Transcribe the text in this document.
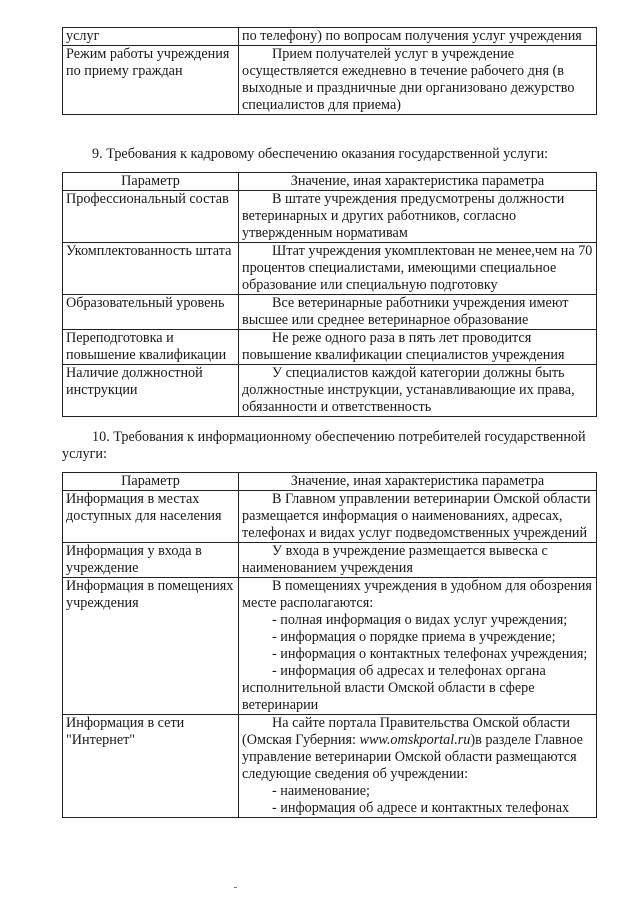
услуг	по телефону) по вопросам получения услуг учреждения
Режим работы учреждения по приему граждан	Прием получателей услуг в учреждение осуществляется ежедневно в течение рабочего дня (в выходные и праздничные дни организовано дежурство специалистов для приема)
9. Требования к кадровому обеспечению оказания государственной услуги:
Параметр	Значение, иная характеристика параметра
Профессиональный состав	В штате учреждения предусмотрены должности ветеринарных и других работников, согласно утвержденным нормативам

Укомплектованность штата	Штат учреждения укомплектован не менее,чем на 70 процентов специалистами, имеющими специальное образование или специальную подготовку

Образовательный уровень	Все ветеринарные работники учреждения имеют высшее или среднее ветеринарное образование

Переподготовка и повышение квалификации	Не реже одного раза в пять лет проводится повышение квалификации специалистов учреждения

Наличие должностной инструкции	У специалистов каждой категории должны быть должностные инструкции, устанавливающие их права, обязанности и ответственность
10. Требования к информационному обеспечению потребителей государственной услуги:
Параметр	Значение, иная характеристика параметра
Информация в местах доступных для населения	В Главном управлении ветеринарии Омской области размещается информация о наименованиях, адресах, телефонах и видах услуг подведомственных учреждений

Информация у входа в учреждение	У входа в учреждение размещается вывеска с наименованием учреждения

Информация в помещениях учреждения	В помещениях учреждения в удобном для обозрения месте располагаются:
- полная информация о видах услуг учреждения;
- информация о порядке приема в учреждение;
- информация о контактных телефонах учреждения;
- информация об адресах и телефонах органа исполнительной власти Омской области в сфере ветеринарии

Информация в сети "Интернет"	На сайте портала Правительства Омской области (Омская Губерния: www.omskportal.ru)в разделе Главное управление ветеринарии Омской области размещаются следующие сведения об учреждении:
- наименование;
- информация об адресе и контактных телефонах
